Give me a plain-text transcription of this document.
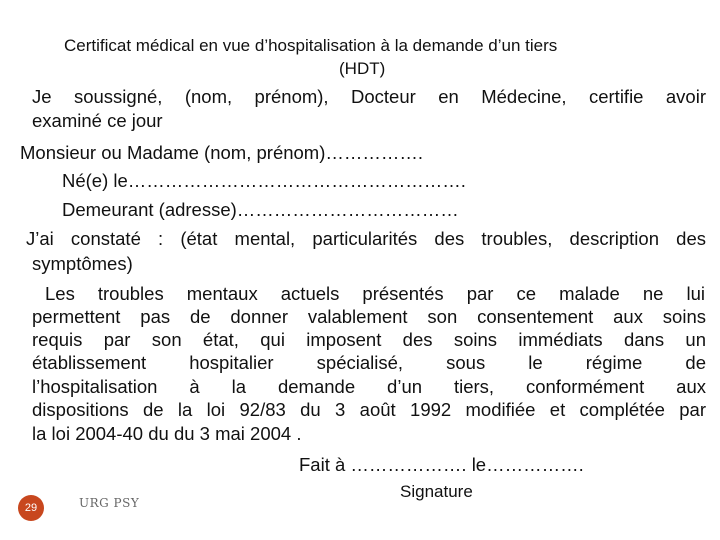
Certificat médical en vue d’hospitalisation à la demande d’un tiers
(HDT)
Je soussigné, (nom, prénom), Docteur en Médecine, certifie avoir
examiné ce jour
Monsieur ou Madame (nom, prénom)…………….
Né(e) le……………………………………………….
Demeurant (adresse)………………………………
J’ai constaté : (état mental, particularités des troubles, description des
symptômes)
Les troubles mentaux actuels présentés par ce malade ne lui
permettent pas de donner valablement son consentement aux soins
requis par son état, qui imposent des soins immédiats dans un
établissement hospitalier spécialisé, sous le régime de
l’hospitalisation à la demande d’un tiers, conformément aux
dispositions de la loi 92/83 du 3 août 1992 modifiée et complétée par
la loi 2004-40 du du 3 mai 2004 .
Fait à ………………. le…………….
Signature
29	URG PSY
